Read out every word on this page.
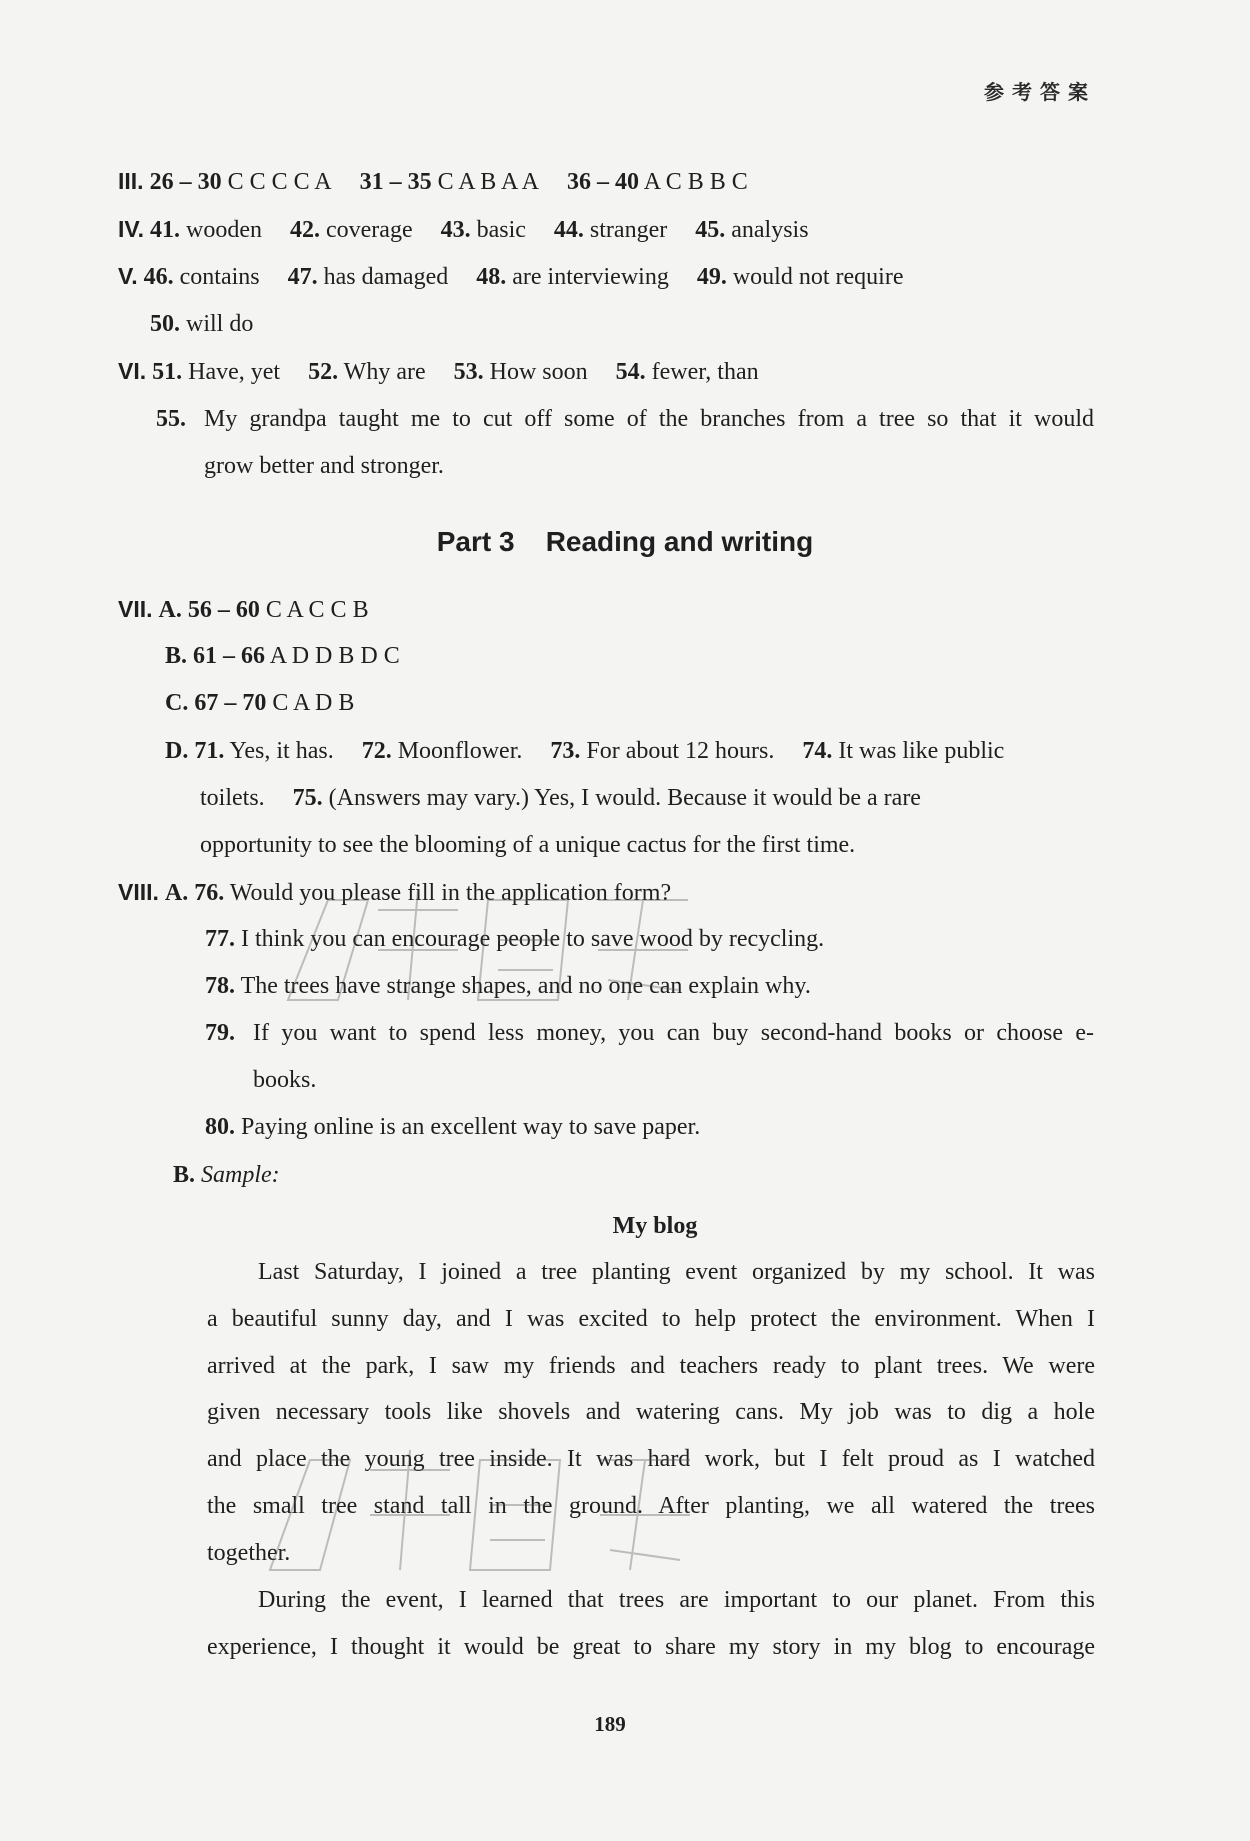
参考答案
III. 26 – 30 C C C C A 31 – 35 C A B A A 36 – 40 A C B B C
IV. 41. wooden 42. coverage 43. basic 44. stranger 45. analysis
V. 46. contains 47. has damaged 48. are interviewing 49. would not require
50. will do
VI. 51. Have, yet 52. Why are 53. How soon 54. fewer, than
55. My grandpa taught me to cut off some of the branches from a tree so that it would
grow better and stronger.
Part 3    Reading and writing
VII. A. 56 – 60 C A C C B
B. 61 – 66 A D D B D C
C. 67 – 70 C A D B
D. 71. Yes, it has. 72. Moonflower. 73. For about 12 hours. 74. It was like public
toilets. 75. (Answers may vary.) Yes, I would. Because it would be a rare
opportunity to see the blooming of a unique cactus for the first time.
VIII. A. 76. Would you please fill in the application form?
77. I think you can encourage people to save wood by recycling.
78. The trees have strange shapes, and no one can explain why.
79. If you want to spend less money, you can buy second-hand books or choose e-
books.
80. Paying online is an excellent way to save paper.
B. Sample:
My blog
Last Saturday, I joined a tree planting event organized by my school. It was
a beautiful sunny day, and I was excited to help protect the environment. When I
arrived at the park, I saw my friends and teachers ready to plant trees. We were
given necessary tools like shovels and watering cans. My job was to dig a hole
and place the young tree inside. It was hard work, but I felt proud as I watched
the small tree stand tall in the ground. After planting, we all watered the trees
together.
During the event, I learned that trees are important to our planet. From this
experience, I thought it would be great to share my story in my blog to encourage
189
